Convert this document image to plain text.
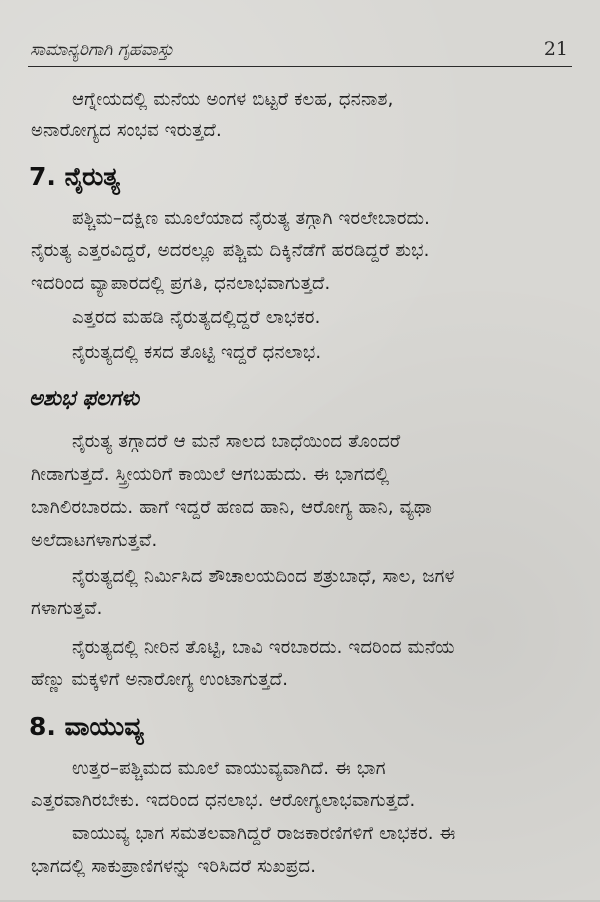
ಸಾಮಾನ್ಯರಿಗಾಗಿ ಗೃಹವಾಸ್ತು	21
ಆಗ್ನೇಯದಲ್ಲಿ ಮನೆಯ ಅಂಗಳ ಬಿಟ್ಟರೆ ಕಲಹ, ಧನನಾಶ,
ಅನಾರೋಗ್ಯದ ಸಂಭವ ಇರುತ್ತದೆ.
7. ನೈರುತ್ಯ
ಪಶ್ಚಿಮ–ದಕ್ಷಿಣ ಮೂಲೆಯಾದ ನೈರುತ್ಯ ತಗ್ಗಾಗಿ ಇರಲೇಬಾರದು.
ನೈರುತ್ಯ ಎತ್ತರವಿದ್ದರೆ, ಅದರಲ್ಲೂ ಪಶ್ಚಿಮ ದಿಕ್ಕಿನೆಡೆಗೆ ಹರಡಿದ್ದರೆ ಶುಭ.
ಇದರಿಂದ ವ್ಯಾಪಾರದಲ್ಲಿ ಪ್ರಗತಿ, ಧನಲಾಭವಾಗುತ್ತದೆ.
ಎತ್ತರದ ಮಹಡಿ ನೈರುತ್ಯದಲ್ಲಿದ್ದರೆ ಲಾಭಕರ.
ನೈರುತ್ಯದಲ್ಲಿ ಕಸದ ತೊಟ್ಟಿ ಇದ್ದರೆ ಧನಲಾಭ.
ಅಶುಭ ಫಲಗಳು
ನೈರುತ್ಯ ತಗ್ಗಾದರೆ ಆ ಮನೆ ಸಾಲದ ಬಾಧೆಯಿಂದ ತೊಂದರೆ
ಗೀಡಾಗುತ್ತದೆ. ಸ್ತ್ರೀಯರಿಗೆ ಕಾಯಿಲೆ ಆಗಬಹುದು. ಈ ಭಾಗದಲ್ಲಿ
ಬಾಗಿಲಿರಬಾರದು. ಹಾಗೆ ಇದ್ದರೆ ಹಣದ ಹಾನಿ, ಆರೋಗ್ಯ ಹಾನಿ, ವ್ಯಥಾ
ಅಲೆದಾಟಗಳಾಗುತ್ತವೆ.
ನೈರುತ್ಯದಲ್ಲಿ ನಿರ್ಮಿಸಿದ ಶೌಚಾಲಯದಿಂದ ಶತ್ರುಬಾಧೆ, ಸಾಲ, ಜಗಳ
ಗಳಾಗುತ್ತವೆ.
ನೈರುತ್ಯದಲ್ಲಿ ನೀರಿನ ತೊಟ್ಟಿ, ಬಾವಿ ಇರಬಾರದು. ಇದರಿಂದ ಮನೆಯ
ಹೆಣ್ಣು ಮಕ್ಕಳಿಗೆ ಅನಾರೋಗ್ಯ ಉಂಟಾಗುತ್ತದೆ.
8. ವಾಯುವ್ಯ
ಉತ್ತರ–ಪಶ್ಚಿಮದ ಮೂಲೆ ವಾಯುವ್ಯವಾಗಿದೆ. ಈ ಭಾಗ
ಎತ್ತರವಾಗಿರಬೇಕು. ಇದರಿಂದ ಧನಲಾಭ. ಆರೋಗ್ಯಲಾಭವಾಗುತ್ತದೆ.
ವಾಯುವ್ಯ ಭಾಗ ಸಮತಲವಾಗಿದ್ದರೆ ರಾಜಕಾರಣಿಗಳಿಗೆ ಲಾಭಕರ. ಈ
ಭಾಗದಲ್ಲಿ ಸಾಕುಪ್ರಾಣಿಗಳನ್ನು ಇರಿಸಿದರೆ ಸುಖಪ್ರದ.
